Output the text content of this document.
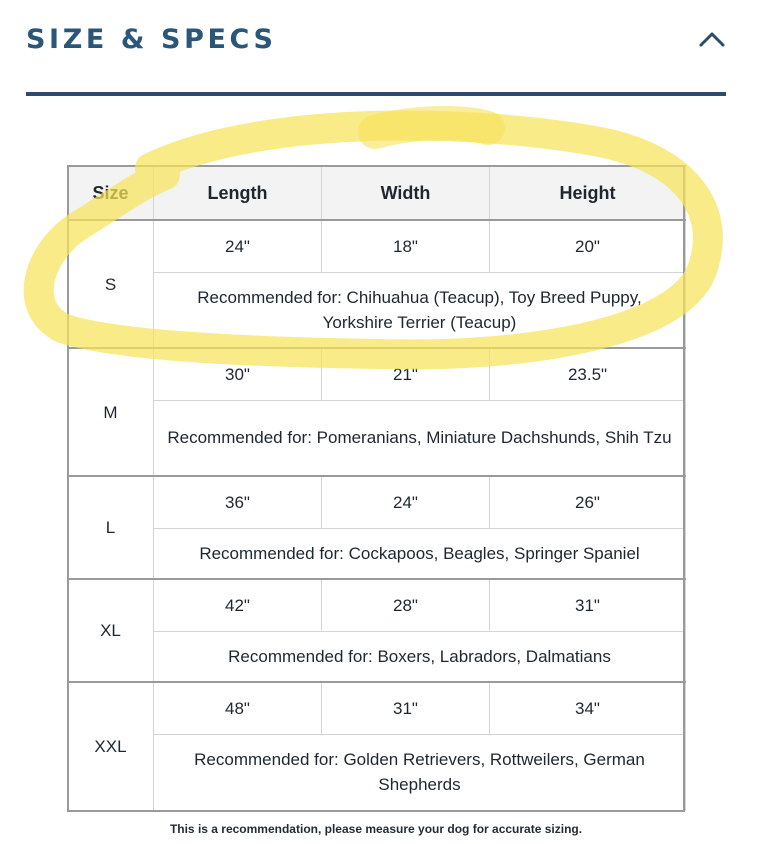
SIZE & SPECS
Size	Length	Width	Height
S	24"	18"	20"
	Recommended for: Chihuahua (Teacup), Toy Breed Puppy, Yorkshire Terrier (Teacup)		
M	30"	21"	23.5"
	Recommended for: Pomeranians, Miniature Dachshunds, Shih Tzu		
L	36"	24"	26"
	Recommended for: Cockapoos, Beagles, Springer Spaniel		
XL	42"	28"	31"
	Recommended for: Boxers, Labradors, Dalmatians		
XXL	48"	31"	34"
	Recommended for: Golden Retrievers, Rottweilers, German Shepherds		
This is a recommendation, please measure your dog for accurate sizing.
